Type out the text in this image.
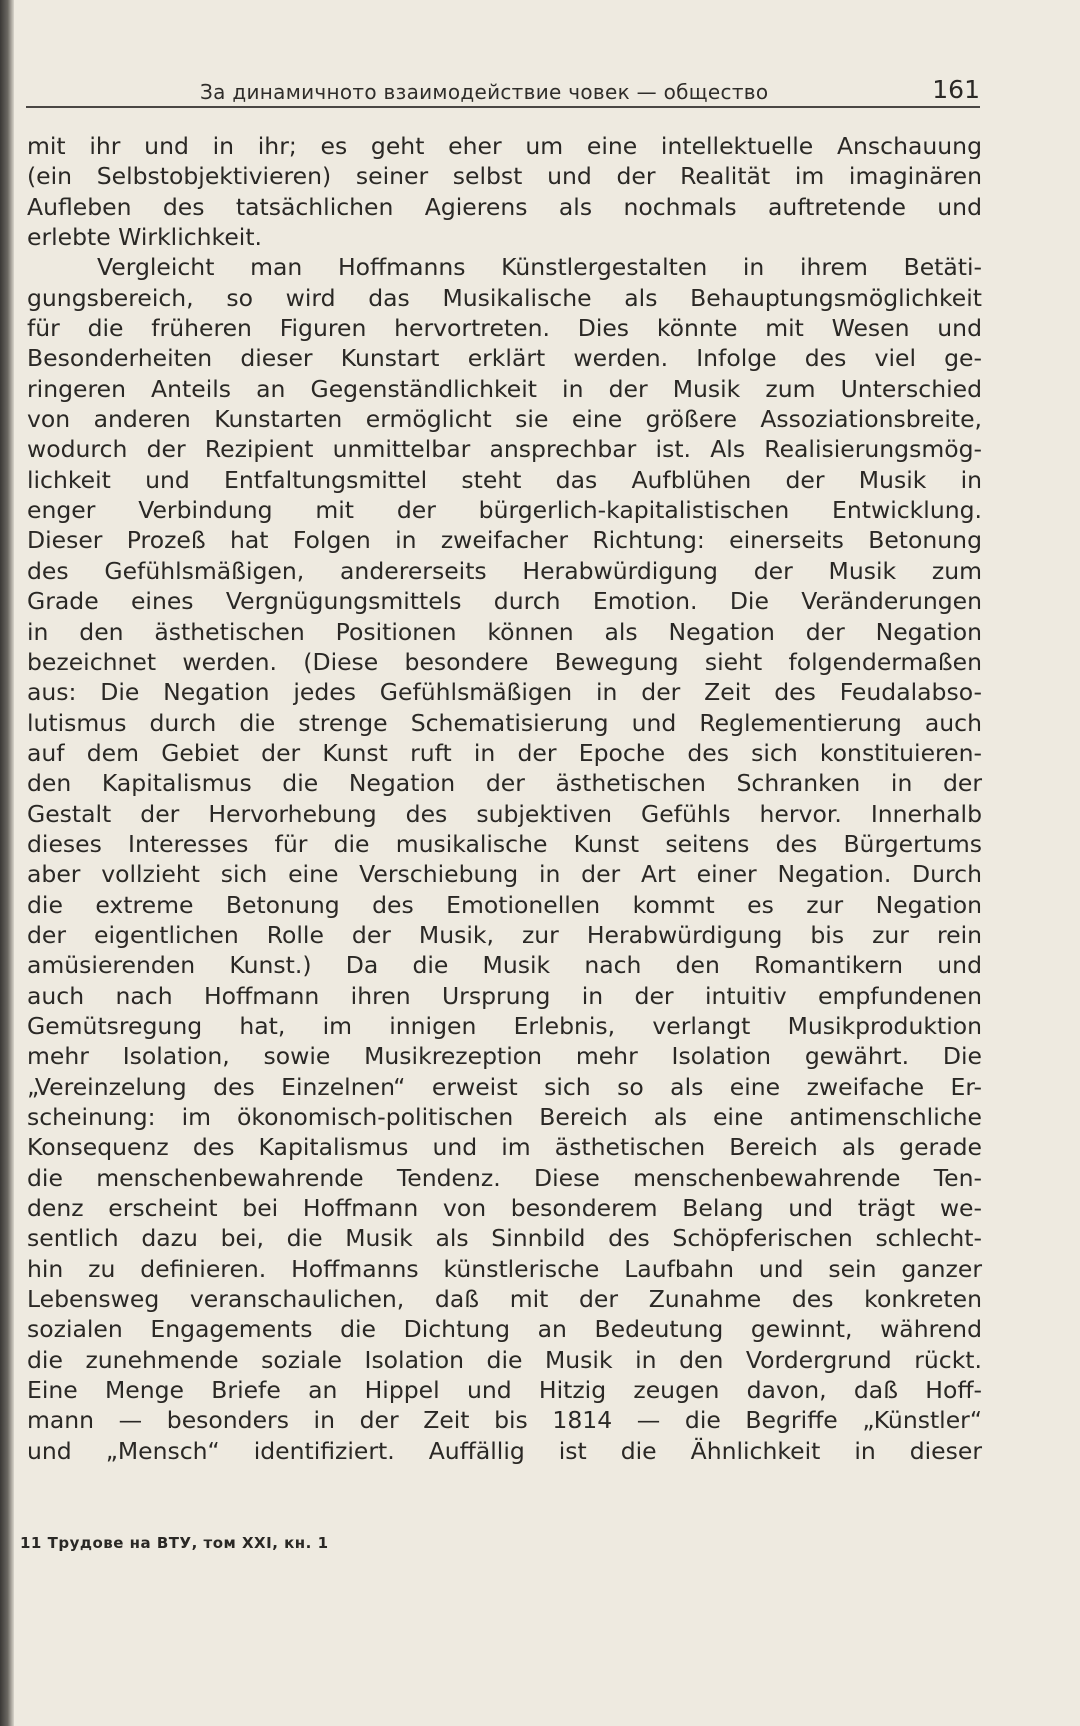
За динамичното взаимодействие човек — общество	161
mit ihr und in ihr; es geht eher um eine intellektuelle Anschauung
(ein Selbstobjektivieren) seiner selbst und der Realität im imaginären
Aufleben des tatsächlichen Agierens als nochmals auftretende und
erlebte Wirklichkeit.
Vergleicht man Hoffmanns Künstlergestalten in ihrem Betäti-
gungsbereich, so wird das Musikalische als Behauptungsmöglichkeit
für die früheren Figuren hervortreten. Dies könnte mit Wesen und
Besonderheiten dieser Kunstart erklärt werden. Infolge des viel ge-
ringeren Anteils an Gegenständlichkeit in der Musik zum Unterschied
von anderen Kunstarten ermöglicht sie eine größere Assoziationsbreite,
wodurch der Rezipient unmittelbar ansprechbar ist. Als Realisierungsmög-
lichkeit und Entfaltungsmittel steht das Aufblühen der Musik in
enger Verbindung mit der bürgerlich-kapitalistischen Entwicklung.
Dieser Prozeß hat Folgen in zweifacher Richtung: einerseits Betonung
des Gefühlsmäßigen, andererseits Herabwürdigung der Musik zum
Grade eines Vergnügungsmittels durch Emotion. Die Veränderungen
in den ästhetischen Positionen können als Negation der Negation
bezeichnet werden. (Diese besondere Bewegung sieht folgendermaßen
aus: Die Negation jedes Gefühlsmäßigen in der Zeit des Feudalabso-
lutismus durch die strenge Schematisierung und Reglementierung auch
auf dem Gebiet der Kunst ruft in der Epoche des sich konstituieren-
den Kapitalismus die Negation der ästhetischen Schranken in der
Gestalt der Hervorhebung des subjektiven Gefühls hervor. Innerhalb
dieses Interesses für die musikalische Kunst seitens des Bürgertums
aber vollzieht sich eine Verschiebung in der Art einer Negation. Durch
die extreme Betonung des Emotionellen kommt es zur Negation
der eigentlichen Rolle der Musik, zur Herabwürdigung bis zur rein
amüsierenden Kunst.) Da die Musik nach den Romantikern und
auch nach Hoffmann ihren Ursprung in der intuitiv empfundenen
Gemütsregung hat, im innigen Erlebnis, verlangt Musikproduktion
mehr Isolation, sowie Musikrezeption mehr Isolation gewährt. Die
„Vereinzelung des Einzelnen“ erweist sich so als eine zweifache Er-
scheinung: im ökonomisch-politischen Bereich als eine antimenschliche
Konsequenz des Kapitalismus und im ästhetischen Bereich als gerade
die menschenbewahrende Tendenz. Diese menschenbewahrende Ten-
denz erscheint bei Hoffmann von besonderem Belang und trägt we-
sentlich dazu bei, die Musik als Sinnbild des Schöpferischen schlecht-
hin zu definieren. Hoffmanns künstlerische Laufbahn und sein ganzer
Lebensweg veranschaulichen, daß mit der Zunahme des konkreten
sozialen Engagements die Dichtung an Bedeutung gewinnt, während
die zunehmende soziale Isolation die Musik in den Vordergrund rückt.
Eine Menge Briefe an Hippel und Hitzig zeugen davon, daß Hoff-
mann — besonders in der Zeit bis 1814 — die Begriffe „Künstler“
und „Mensch“ identifiziert. Auffällig ist die Ähnlichkeit in dieser
11 Трудове на ВТУ, том XXI, кн. 1
